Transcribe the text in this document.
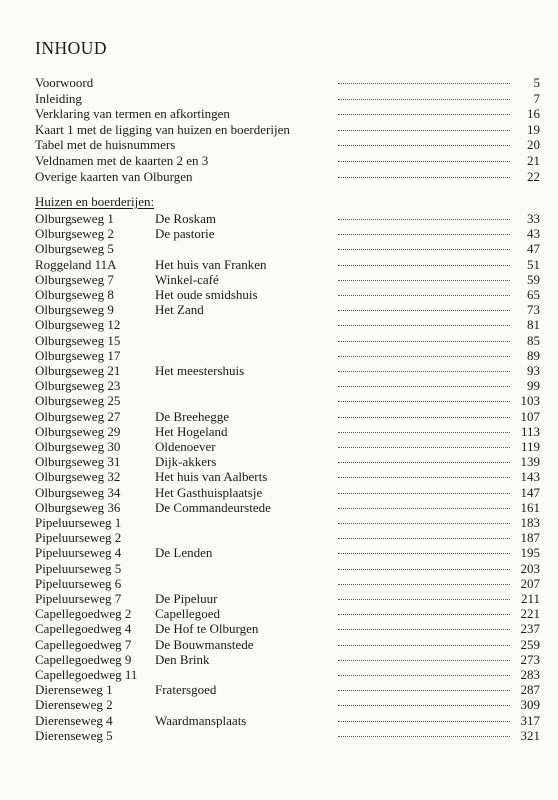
INHOUD
Voorwoord	5
Inleiding	7
Verklaring van termen en afkortingen	16
Kaart 1 met de ligging van huizen en boerderijen	19
Tabel met de huisnummers	20
Veldnamen met de kaarten 2 en 3	21
Overige kaarten van Olburgen	22
Huizen en boerderijen:
Olburgseweg 1	De Roskam	33
Olburgseweg 2	De pastorie	43
Olburgseweg 5	47
Roggeland 11A	Het huis van Franken	51
Olburgseweg 7	Winkel-café	59
Olburgseweg 8	Het oude smidshuis	65
Olburgseweg 9	Het Zand	73
Olburgseweg 12	81
Olburgseweg 15	85
Olburgseweg 17	89
Olburgseweg 21	Het meestershuis	93
Olburgseweg 23	99
Olburgseweg 25	103
Olburgseweg 27	De Breehegge	107
Olburgseweg 29	Het Hogeland	113
Olburgseweg 30	Oldenoever	119
Olburgseweg 31	Dijk-akkers	139
Olburgseweg 32	Het huis van Aalberts	143
Olburgseweg 34	Het Gasthuisplaatsje	147
Olburgseweg 36	De Commandeurstede	161
Pipeluurseweg 1	183
Pipeluurseweg 2	187
Pipeluurseweg 4	De Lenden	195
Pipeluurseweg 5	203
Pipeluurseweg 6	207
Pipeluurseweg 7	De Pipeluur	211
Capellegoedweg 2 Capellegoed	221
Capellegoedweg 4 De Hof te Olburgen	237
Capellegoedweg 7 De Bouwmanstede	259
Capellegoedweg 9 Den Brink	273
Capellegoedweg 11	283
Dierenseweg 1	Fratersgoed	287
Dierenseweg 2	309
Dierenseweg 4	Waardmansplaats	317
Dierenseweg 5	321
